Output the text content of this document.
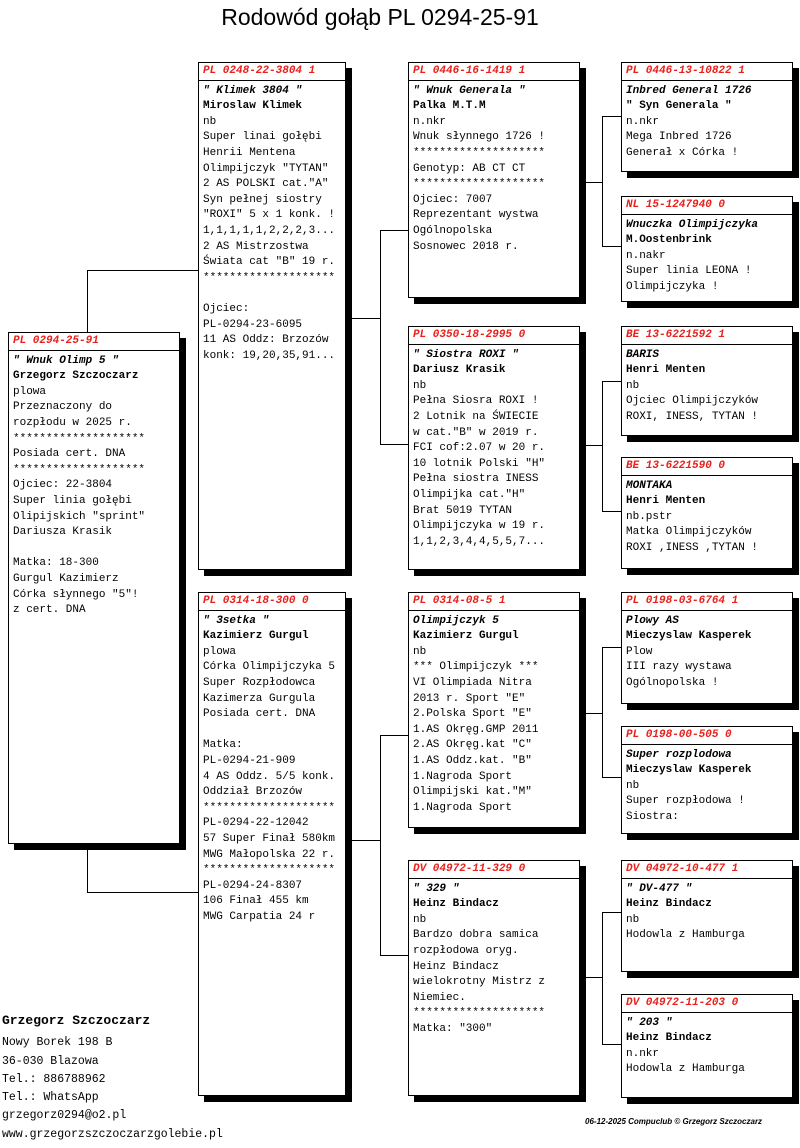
Rodowód gołąb PL 0294-25-91
PL 0294-25-91
" Wnuk Olimp 5 "
Grzegorz Szczoczarz
plowa
Przeznaczony do
rozpłodu w 2025 r.
********************
Posiada cert. DNA
********************
Ojciec: 22-3804
Super linia gołębi
Olipijskich "sprint"
Dariusza Krasik
Matka: 18-300
Gurgul Kazimierz
Córka słynnego "5"!
z cert. DNA
PL 0248-22-3804 1
" Klimek 3804 "
Miroslaw Klimek
nb
Super linai gołębi
Henrii Mentena
Olimpijczyk "TYTAN"
2 AS POLSKI cat."A"
Syn pełnej siostry
"ROXI" 5 x 1 konk. !
1,1,1,1,1,2,2,2,3...
2 AS Mistrzostwa
Świata cat "B" 19 r.
********************
Ojciec:
PL-0294-23-6095
11 AS Oddz: Brzozów
konk: 19,20,35,91...
PL 0314-18-300 0
" 3setka "
Kazimierz Gurgul
plowa
Córka Olimpijczyka 5
Super Rozpłodowca
Kazimerza Gurgula
Posiada cert. DNA
Matka:
PL-0294-21-909
4 AS Oddz. 5/5 konk.
Oddział Brzozów
********************
PL-0294-22-12042
57 Super Finał 580km
MWG Małopolska 22 r.
********************
PL-0294-24-8307
106 Finał 455 km
MWG Carpatia 24 r
PL 0446-16-1419 1
" Wnuk Generala "
Palka M.T.M
n.nkr
Wnuk słynnego 1726 !
********************
Genotyp: AB CT CT
********************
Ojciec: 7007
Reprezentant wystwa
Ogólnopolska
Sosnowec 2018 r.
PL 0350-18-2995 0
" Siostra ROXI "
Dariusz Krasik
nb
Pełna Siosra ROXI !
2 Lotnik na ŚWIECIE
w cat."B" w 2019 r.
FCI cof:2.07 w 20 r.
10 lotnik Polski "H"
Pełna siostra INESS
Olimpijka cat."H"
Brat 5019 TYTAN
Olimpijczyka w 19 r.
1,1,2,3,4,4,5,5,7...
PL 0314-08-5 1
Olimpijczyk 5
Kazimierz Gurgul
nb
*** Olimpijczyk ***
VI Olimpiada Nitra
2013 r. Sport "E"
2.Polska Sport "E"
1.AS Okręg.GMP 2011
2.AS Okręg.kat "C"
1.AS Oddz.kat. "B"
1.Nagroda Sport
Olimpijski kat."M"
1.Nagroda Sport
DV 04972-11-329 0
" 329 "
Heinz Bindacz
nb
Bardzo dobra samica
rozpłodowa oryg.
Heinz Bindacz
wielokrotny Mistrz z
Niemiec.
********************
Matka: "300"
PL 0446-13-10822 1
Inbred General 1726
" Syn Generala "
n.nkr
Mega Inbred 1726
Generał x Córka !
NL 15-1247940 0
Wnuczka Olimpijczyka
M.Oostenbrink
n.nakr
Super linia LEONA !
Olimpijczyka !
BE 13-6221592 1
BARIS
Henri Menten
nb
Ojciec Olimpijczyków
ROXI, INESS, TYTAN !
BE 13-6221590 0
MONTAKA
Henri Menten
nb.pstr
Matka Olimpijczyków
ROXI ,INESS ,TYTAN !
PL 0198-03-6764 1
Plowy AS
Mieczyslaw Kasperek
Plow
III razy wystawa
Ogólnopolska !
PL 0198-00-505 0
Super rozplodowa
Mieczyslaw Kasperek
nb
Super rozpłodowa !
Siostra:
DV 04972-10-477 1
" DV-477 "
Heinz Bindacz
nb
Hodowla z Hamburga
DV 04972-11-203 0
" 203 "
Heinz Bindacz
n.nkr
Hodowla z Hamburga
Grzegorz Szczoczarz
Nowy Borek 198 B
36-030 Blazowa
Tel.: 886788962
Tel.: WhatsApp
grzegorz0294@o2.pl
www.grzegorzszczoczarzgolebie.pl
06-12-2025 Compuclub © Grzegorz Szczoczarz
